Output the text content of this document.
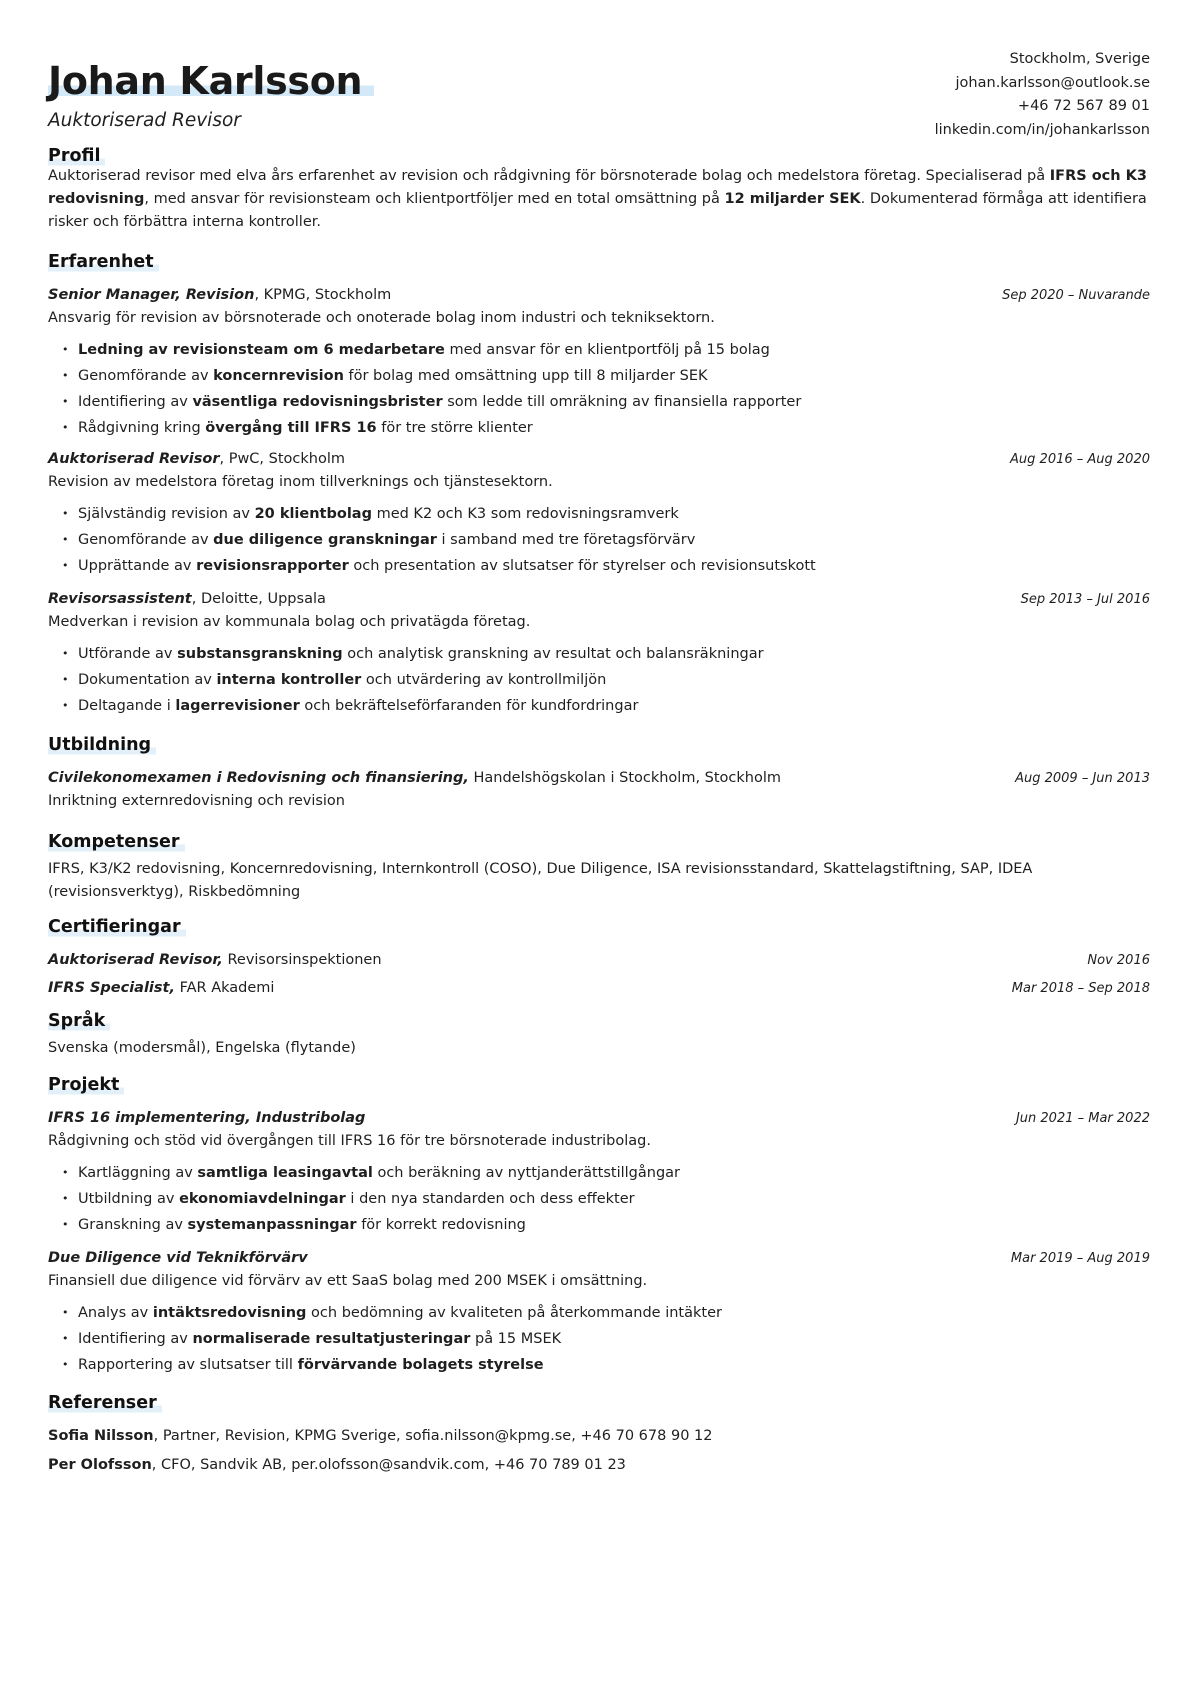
Johan Karlsson
Auktoriserad Revisor
Stockholm, Sverige
johan.karlsson@outlook.se
+46 72 567 89 01
linkedin.com/in/johankarlsson
Profil
Auktoriserad revisor med elva års erfarenhet av revision och rådgivning för börsnoterade bolag och medelstora företag. Specialiserad på IFRS och K3 redovisning, med ansvar för revisionsteam och klientportföljer med en total omsättning på 12 miljarder SEK. Dokumenterad förmåga att identifiera risker och förbättra interna kontroller.
Erfarenhet
Senior Manager, Revision, KPMG, Stockholm	Sep 2020 – Nuvarande
Ansvarig för revision av börsnoterade och onoterade bolag inom industri och tekniksektorn.
• Ledning av revisionsteam om 6 medarbetare med ansvar för en klientportfölj på 15 bolag
• Genomförande av koncernrevision för bolag med omsättning upp till 8 miljarder SEK
• Identifiering av väsentliga redovisningsbrister som ledde till omräkning av finansiella rapporter
• Rådgivning kring övergång till IFRS 16 för tre större klienter
Auktoriserad Revisor, PwC, Stockholm	Aug 2016 – Aug 2020
Revision av medelstora företag inom tillverknings och tjänstesektorn.
• Självständig revision av 20 klientbolag med K2 och K3 som redovisningsramverk
• Genomförande av due diligence granskningar i samband med tre företagsförvärv
• Upprättande av revisionsrapporter och presentation av slutsatser för styrelser och revisionsutskott
Revisorsassistent, Deloitte, Uppsala	Sep 2013 – Jul 2016
Medverkan i revision av kommunala bolag och privatägda företag.
• Utförande av substansgranskning och analytisk granskning av resultat och balansräkningar
• Dokumentation av interna kontroller och utvärdering av kontrollmiljön
• Deltagande i lagerrevisioner och bekräftelseförfaranden för kundfordringar
Utbildning
Civilekonomexamen i Redovisning och finansiering, Handelshögskolan i Stockholm, Stockholm	Aug 2009 – Jun 2013
Inriktning externredovisning och revision
Kompetenser
IFRS, K3/K2 redovisning, Koncernredovisning, Internkontroll (COSO), Due Diligence, ISA revisionsstandard, Skattelagstiftning, SAP, IDEA (revisionsverktyg), Riskbedömning
Certifieringar
Auktoriserad Revisor, Revisorsinspektionen	Nov 2016
IFRS Specialist, FAR Akademi	Mar 2018 – Sep 2018
Språk
Svenska (modersmål), Engelska (flytande)
Projekt
IFRS 16 implementering, Industribolag	Jun 2021 – Mar 2022
Rådgivning och stöd vid övergången till IFRS 16 för tre börsnoterade industribolag.
• Kartläggning av samtliga leasingavtal och beräkning av nyttjanderättstillgångar
• Utbildning av ekonomiavdelningar i den nya standarden och dess effekter
• Granskning av systemanpassningar för korrekt redovisning
Due Diligence vid Teknikförvärv	Mar 2019 – Aug 2019
Finansiell due diligence vid förvärv av ett SaaS bolag med 200 MSEK i omsättning.
• Analys av intäktsredovisning och bedömning av kvaliteten på återkommande intäkter
• Identifiering av normaliserade resultatjusteringar på 15 MSEK
• Rapportering av slutsatser till förvärvande bolagets styrelse
Referenser
Sofia Nilsson, Partner, Revision, KPMG Sverige, sofia.nilsson@kpmg.se, +46 70 678 90 12
Per Olofsson, CFO, Sandvik AB, per.olofsson@sandvik.com, +46 70 789 01 23
